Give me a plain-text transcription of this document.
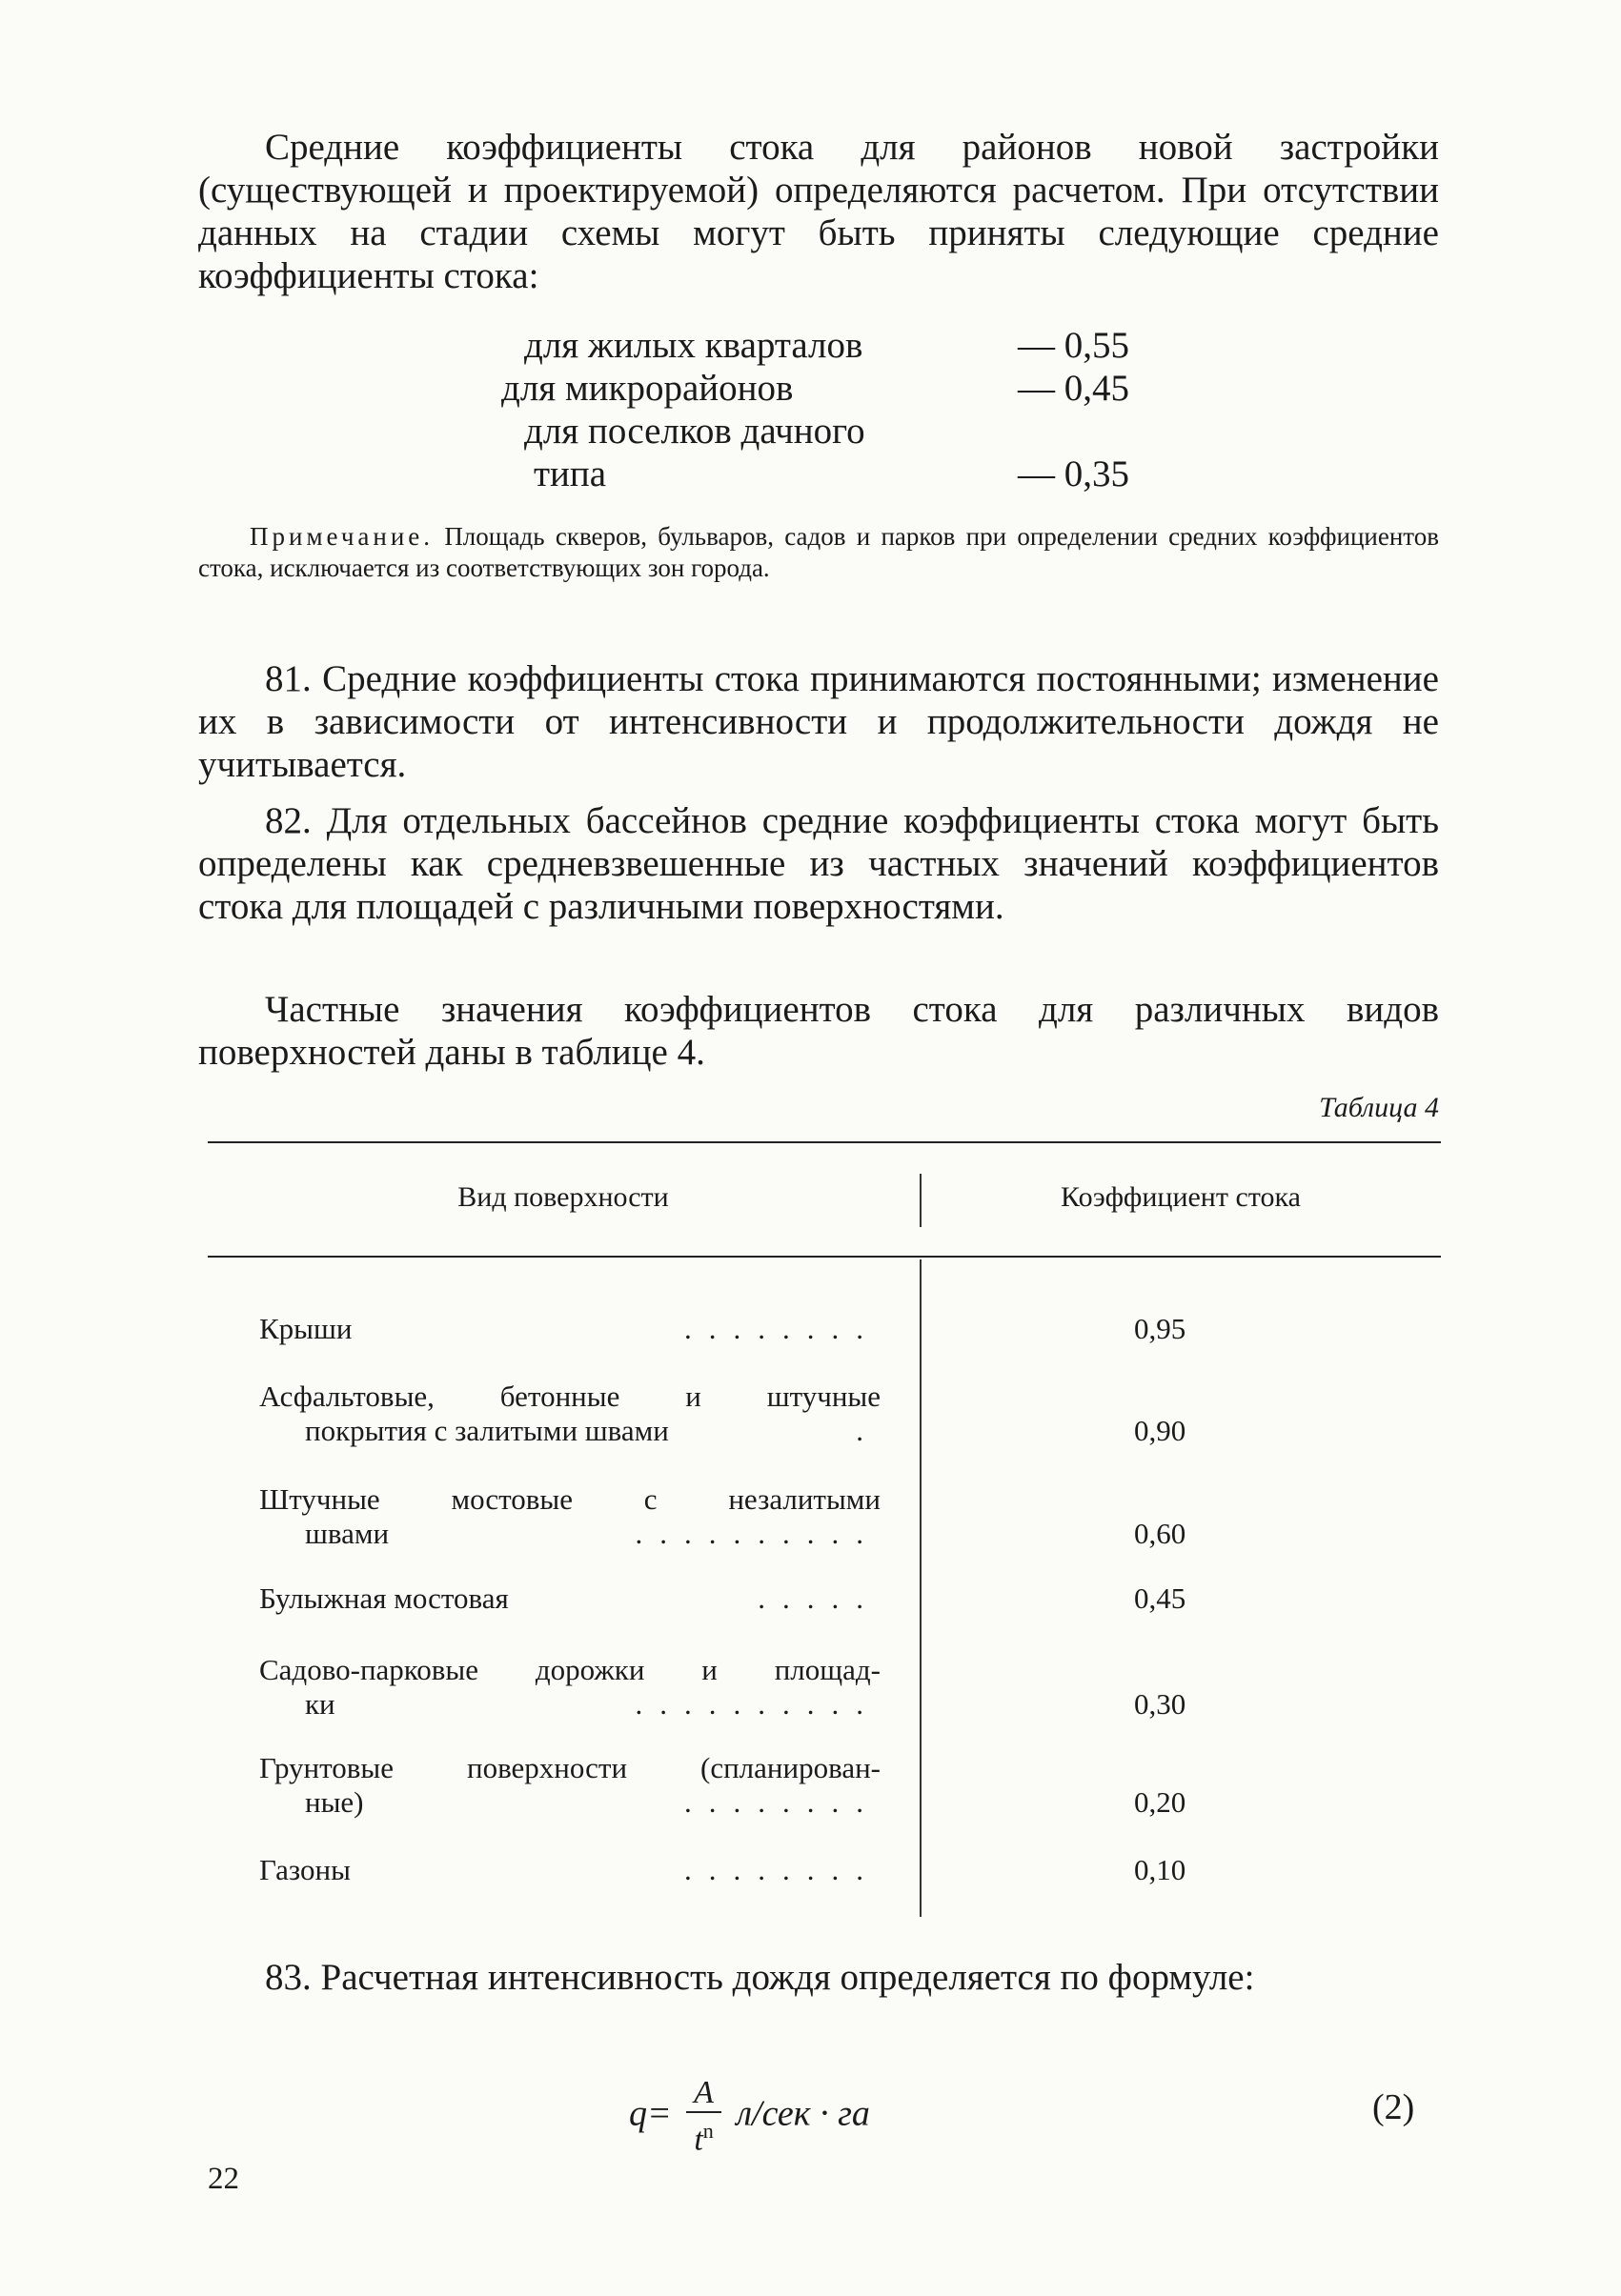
Средние коэффициенты стока для районов новой застройки (существующей и проектируемой) определяются расчетом. При отсутствии данных на стадии схемы могут быть приняты следующие средние коэффициенты стока:
для жилых кварталов	— 0,55
для микрорайонов	— 0,45
для поселков дачного
типа	— 0,35
Примечание. Площадь скверов, бульваров, садов и парков при определении средних коэффициентов стока, исключается из соответствующих зон города.
81. Средние коэффициенты стока принимаются постоянными; изменение их в зависимости от интенсивности и продолжительности дождя не учитывается.
82. Для отдельных бассейнов средние коэффициенты стока могут быть определены как средневзвешенные из частных значений коэффициентов стока для площадей с различными поверхностями.
Частные значения коэффициентов стока для различных видов поверхностей даны в таблице 4.
Таблица 4
Вид поверхности	Коэффициент стока
Крыши	........	0,95
Асфальтовые, бетонные и штучные
покрытия с залитыми швами	.	0,90
Штучные мостовые с незалитыми
швами	..........	0,60
Булыжная мостовая	.....	0,45
Садово-парковые дорожки и площад-
ки	..........	0,30
Грунтовые поверхности (спланирован-
ные)	........	0,20
Газоны	........	0,10
83. Расчетная интенсивность дождя определяется по формуле:
$q= \frac{A}{t^n} л/сек$ · га	(2)
22
